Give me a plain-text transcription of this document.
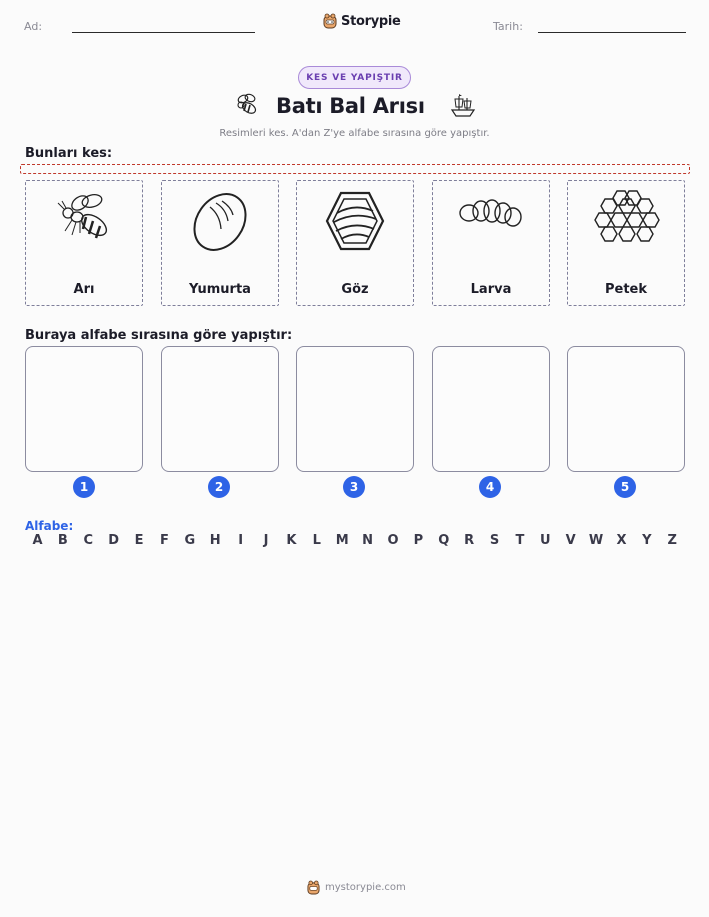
Ad:	Storypie	Tarih:
KES VE YAPIŞTIR
Batı Bal Arısı
Resimleri kes. A'dan Z'ye alfabe sırasına göre yapıştır.
Bunları kes:
Arı	Yumurta	Göz	Larva	Petek
Buraya alfabe sırasına göre yapıştır:
1	2	3	4	5
Alfabe:
A	B	C	D	E	F	G	H	I	J	K	L	M	N	O	P	Q	R	S	T	U	V	W	X	Y	Z
mystorypie.com
